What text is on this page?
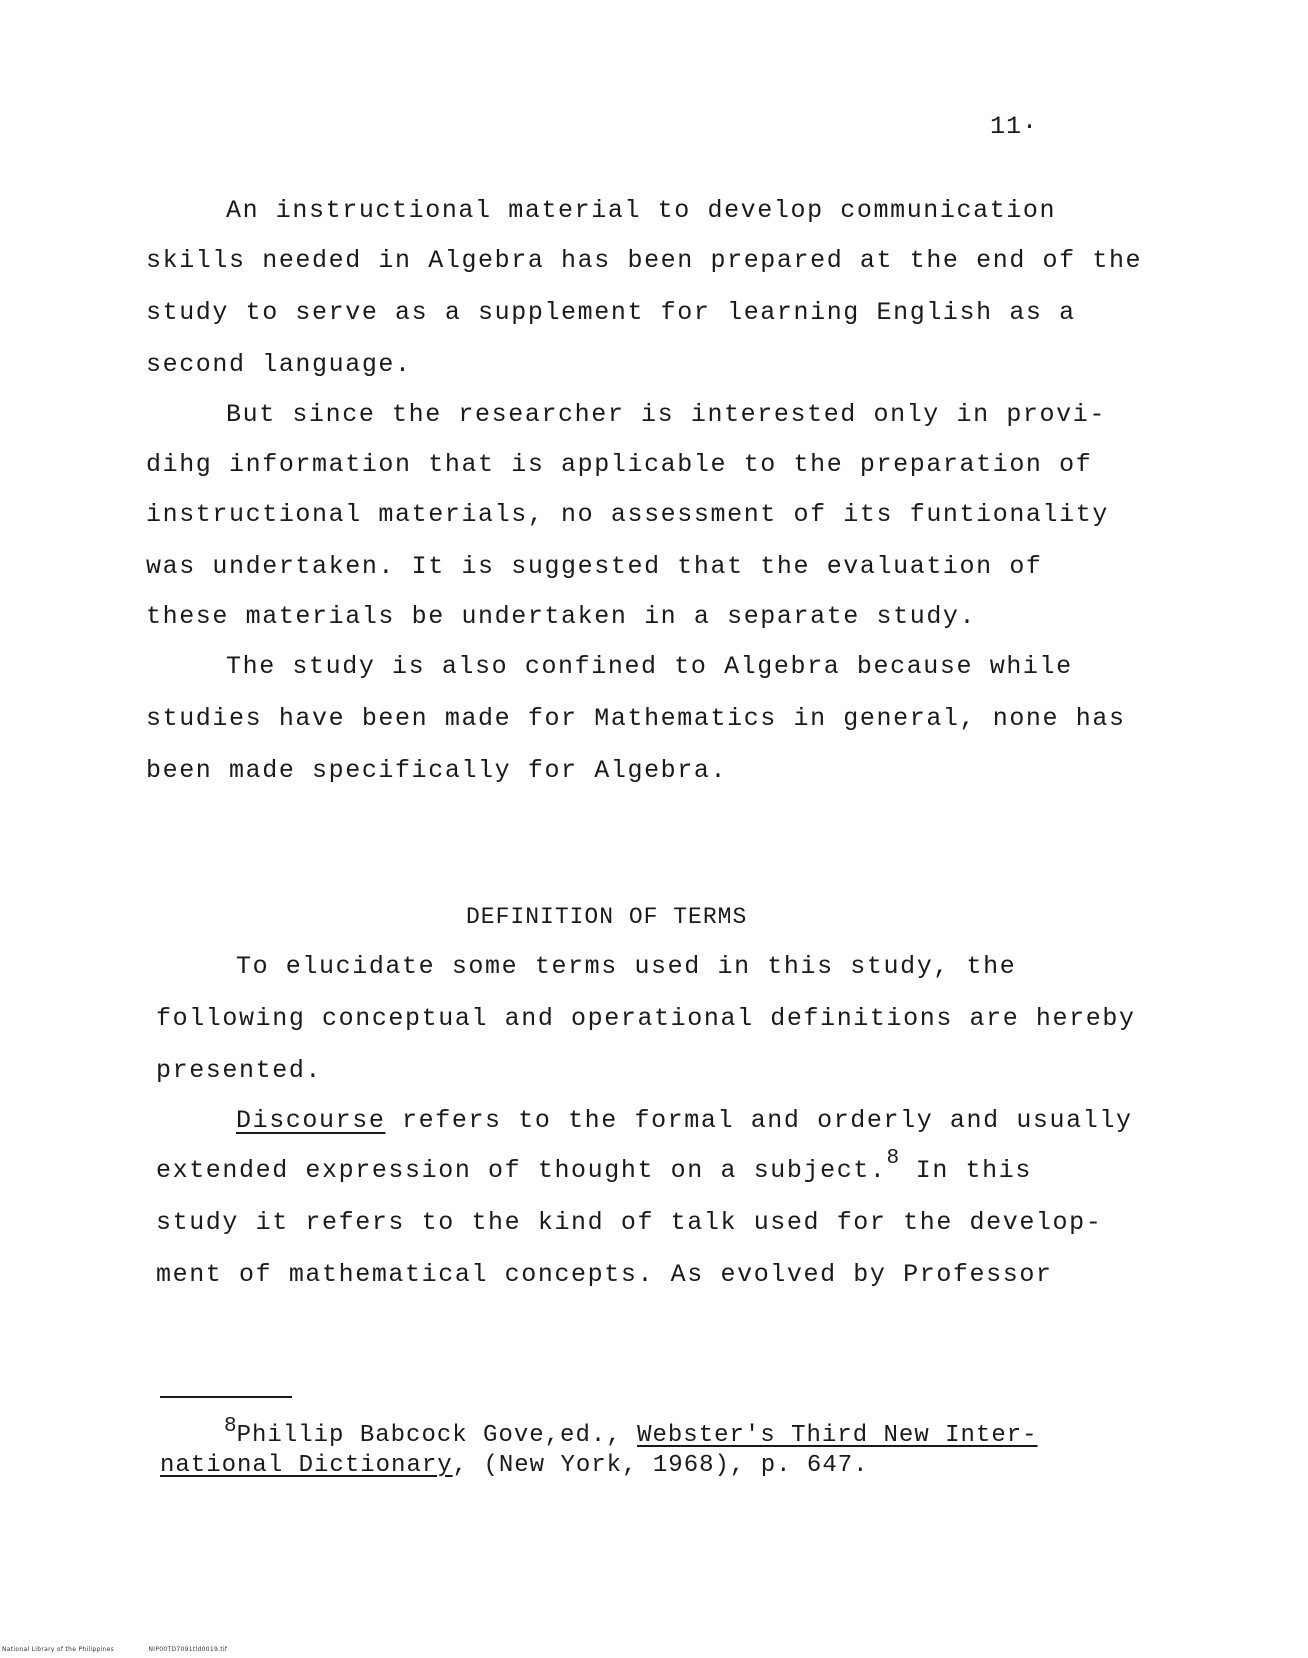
11·
An instructional material to develop communication
skills needed in Algebra has been prepared at the end of the
study to serve as a supplement for learning English as a
second language.
But since the researcher is interested only in provi-
dihg information that is applicable to the preparation of
instructional materials, no assessment of its funtionality
was undertaken. It is suggested that the evaluation of
these materials be undertaken in a separate study.
The study is also confined to Algebra because while
studies have been made for Mathematics in general, none has
been made specifically for Algebra.
DEFINITION OF TERMS
To elucidate some terms used in this study, the
following conceptual and operational definitions are hereby
presented.
Discourse refers to the formal and orderly and usually
extended expression of thought on a subject.$^8$ In this
study it refers to the kind of talk used for the develop-
ment of mathematical concepts. As evolved by Professor
8Phillip Babcock Gove,ed., Webster's Third New Inter-
national Dictionary, (New York, 1968), p. 647.
National Library of the Philippines	NIP00TD7091tld0019.tif
